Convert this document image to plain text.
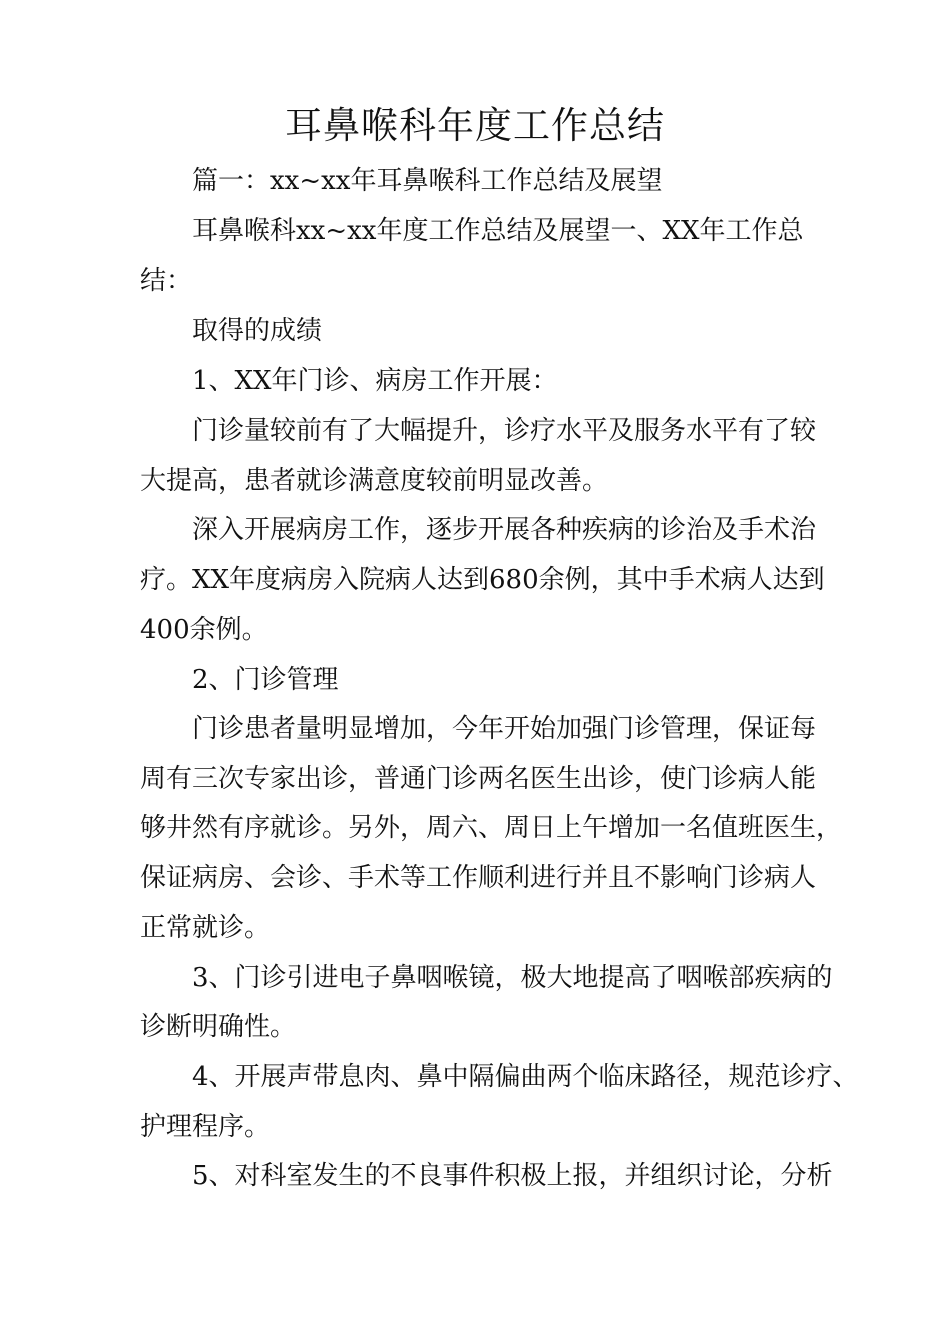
耳鼻喉科年度工作总结
篇一：xx~xx年耳鼻喉科工作总结及展望
耳鼻喉科xx~xx年度工作总结及展望一、XX年工作总
结：
取得的成绩
1、XX年门诊、病房工作开展：
门诊量较前有了大幅提升，诊疗水平及服务水平有了较
大提高，患者就诊满意度较前明显改善。
深入开展病房工作，逐步开展各种疾病的诊治及手术治
疗。XX年度病房入院病人达到680余例，其中手术病人达到
400余例。
2、门诊管理
门诊患者量明显增加，今年开始加强门诊管理，保证每
周有三次专家出诊，普通门诊两名医生出诊，使门诊病人能
够井然有序就诊。另外，周六、周日上午增加一名值班医生，
保证病房、会诊、手术等工作顺利进行并且不影响门诊病人
正常就诊。
3、门诊引进电子鼻咽喉镜，极大地提高了咽喉部疾病的
诊断明确性。
4、开展声带息肉、鼻中隔偏曲两个临床路径，规范诊疗、
护理程序。
5、对科室发生的不良事件积极上报，并组织讨论，分析
